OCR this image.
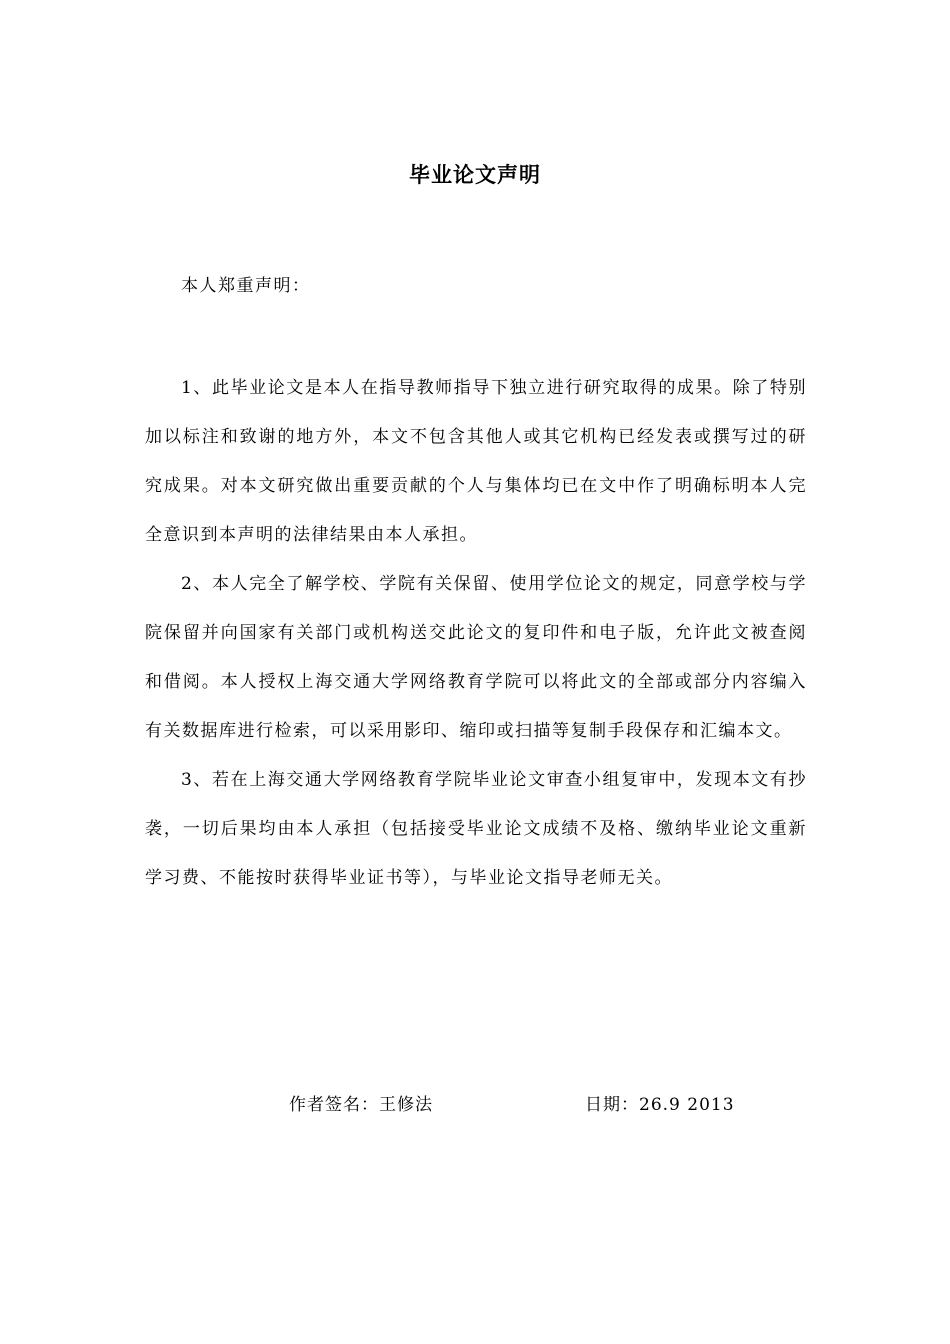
毕业论文声明
本人郑重声明：

1、此毕业论文是本人在指导教师指导下独立进行研究取得的成果。除了特别加以标注和致谢的地方外，本文不包含其他人或其它机构已经发表或撰写过的研究成果。对本文研究做出重要贡献的个人与集体均已在文中作了明确标明本人完全意识到本声明的法律结果由本人承担。

2、本人完全了解学校、学院有关保留、使用学位论文的规定，同意学校与学院保留并向国家有关部门或机构送交此论文的复印件和电子版，允许此文被查阅和借阅。本人授权上海交通大学网络教育学院可以将此文的全部或部分内容编入有关数据库进行检索，可以采用影印、缩印或扫描等复制手段保存和汇编本文。

3、若在上海交通大学网络教育学院毕业论文审查小组复审中，发现本文有抄袭，一切后果均由本人承担（包括接受毕业论文成绩不及格、缴纳毕业论文重新学习费、不能按时获得毕业证书等），与毕业论文指导老师无关。

作者签名：王修法	日期：26.9 2013
